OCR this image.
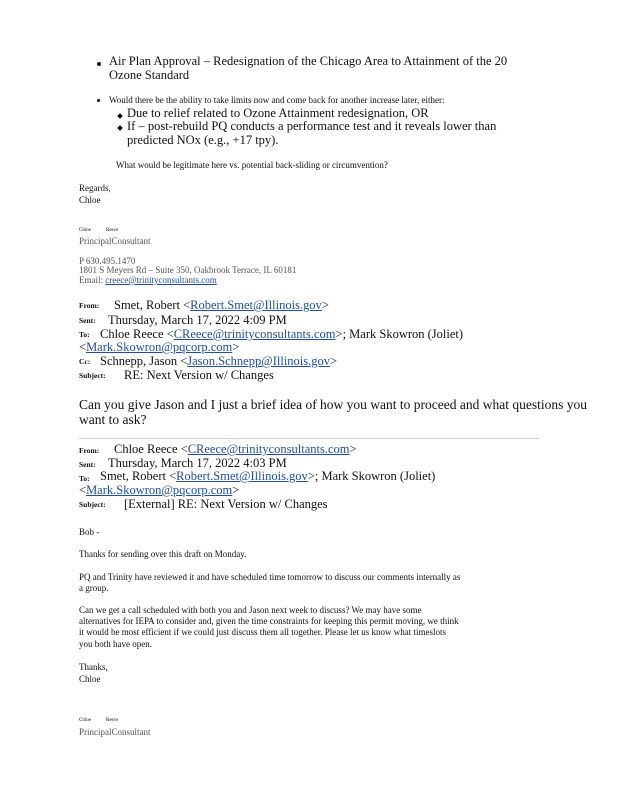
Air Plan Approval – Redesignation of the Chicago Area to Attainment of the 20
Ozone Standard
Would there be the ability to take limits now and come back for another increase later, either:
Due to relief related to Ozone Attainment redesignation, OR
If – post-rebuild PQ conducts a performance test and it reveals lower than
predicted NOx (e.g., +17 tpy).
What would be legitimate here vs. potential back-sliding or circumvention?
Regards,
Chloe
Chloe	Reece
PrincipalConsultant
P 630.495.1470
1801 S Meyers Rd – Suite 350, Oakbrook Terrace, IL 60181
Email: creece@trinityconsultants.com
From: Smet, Robert <Robert.Smet@Illinois.gov>
Sent: Thursday, March 17, 2022 4:09 PM
To: Chloe Reece <CReece@trinityconsultants.com>; Mark Skowron (Joliet)
<Mark.Skowron@pqcorp.com>
Cc: Schnepp, Jason <Jason.Schnepp@Illinois.gov>
Subject: RE: Next Version w/ Changes
Can you give Jason and I just a brief idea of how you want to proceed and what questions you
want to ask?
From: Chloe Reece <CReece@trinityconsultants.com>
Sent: Thursday, March 17, 2022 4:03 PM
To: Smet, Robert <Robert.Smet@Illinois.gov>; Mark Skowron (Joliet)
<Mark.Skowron@pqcorp.com>
Subject: [External] RE: Next Version w/ Changes
Bob -
Thanks for sending over this draft on Monday.
PQ and Trinity have reviewed it and have scheduled time tomorrow to discuss our comments internally as
a group.
Can we get a call scheduled with both you and Jason next week to discuss? We may have some
alternatives for IEPA to consider and, given the time constraints for keeping this permit moving, we think
it would be most efficient if we could just discuss them all together. Please let us know what timeslots
you both have open.
Thanks,
Chloe
Chloe	Reece
PrincipalConsultant
